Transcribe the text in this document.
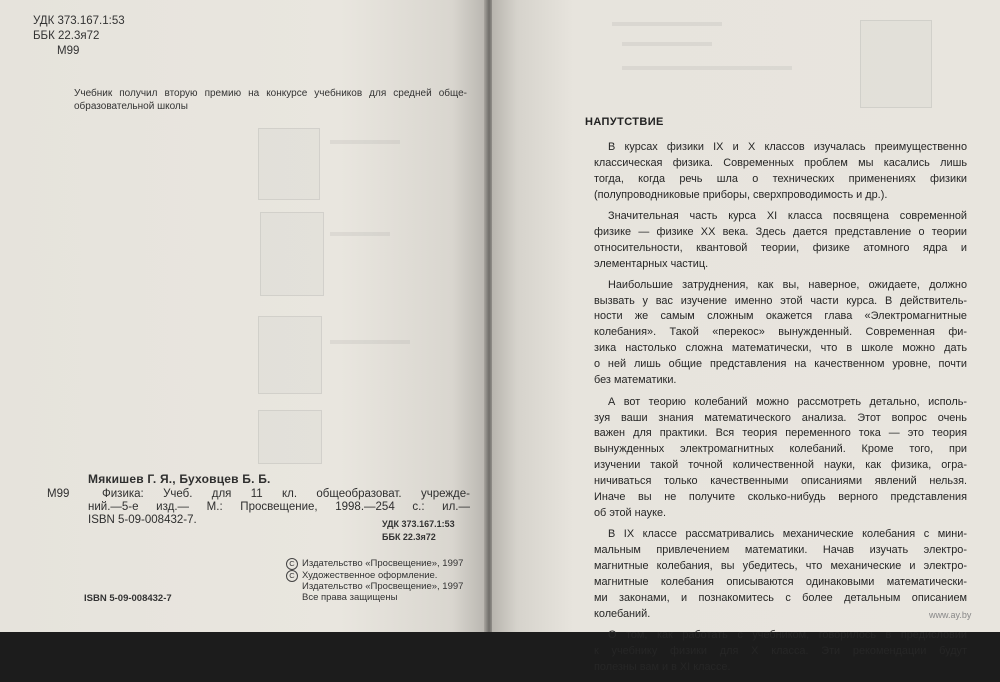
УДК 373.167.1:53
ББК 22.3я72
М99
Учебник получил вторую премию на конкурсе учебников для средней обще-
образовательной школы
Мякишев Г. Я., Буховцев Б. Б.
М99	Физика: Учеб. для 11 кл. общеобразоват. учрежде-
ний.—5-е изд.— М.: Просвещение, 1998.—254 с.: ил.—
ISBN 5-09-008432-7.	УДК 373.167.1:53
ББК 22.3я72
C Издательство «Просвещение», 1997
C Художественное оформление.
Издательство «Просвещение», 1997
Все права защищены
ISBN 5-09-008432-7
НАПУТСТВИЕ
В курсах физики IX и X классов изучалась преимущественно
классическая физика. Современных проблем мы касались лишь
тогда, когда речь шла о технических применениях физики
(полупроводниковые приборы, сверхпроводимость и др.).
Значительная часть курса XI класса посвящена современной
физике — физике XX века. Здесь дается представление о теории
относительности, квантовой теории, физике атомного ядра и
элементарных частиц.
Наибольшие затруднения, как вы, наверное, ожидаете, должно
вызвать у вас изучение именно этой части курса. В действитель-
ности же самым сложным окажется глава «Электромагнитные
колебания». Такой «перекос» вынужденный. Современная фи-
зика настолько сложна математически, что в школе можно дать
о ней лишь общие представления на качественном уровне, почти
без математики.
А вот теорию колебаний можно рассмотреть детально, исполь-
зуя ваши знания математического анализа. Этот вопрос очень
важен для практики. Вся теория переменного тока — это теория
вынужденных электромагнитных колебаний. Кроме того, при
изучении такой точной количественной науки, как физика, огра-
ничиваться только качественными описаниями явлений нельзя.
Иначе вы не получите сколько-нибудь верного представления
об этой науке.
В IX классе рассматривались механические колебания с мини-
мальным привлечением математики. Начав изучать электро-
магнитные колебания, вы убедитесь, что механические и электро-
магнитные колебания описываются одинаковыми математически-
ми законами, и познакомитесь с более детальным описанием
колебаний.
О том, как работать с учебником, говорилось в предисловии
к учебнику физики для X класса. Эти рекомендации будут
полезны вам и в XI классе.
www.ay.by
